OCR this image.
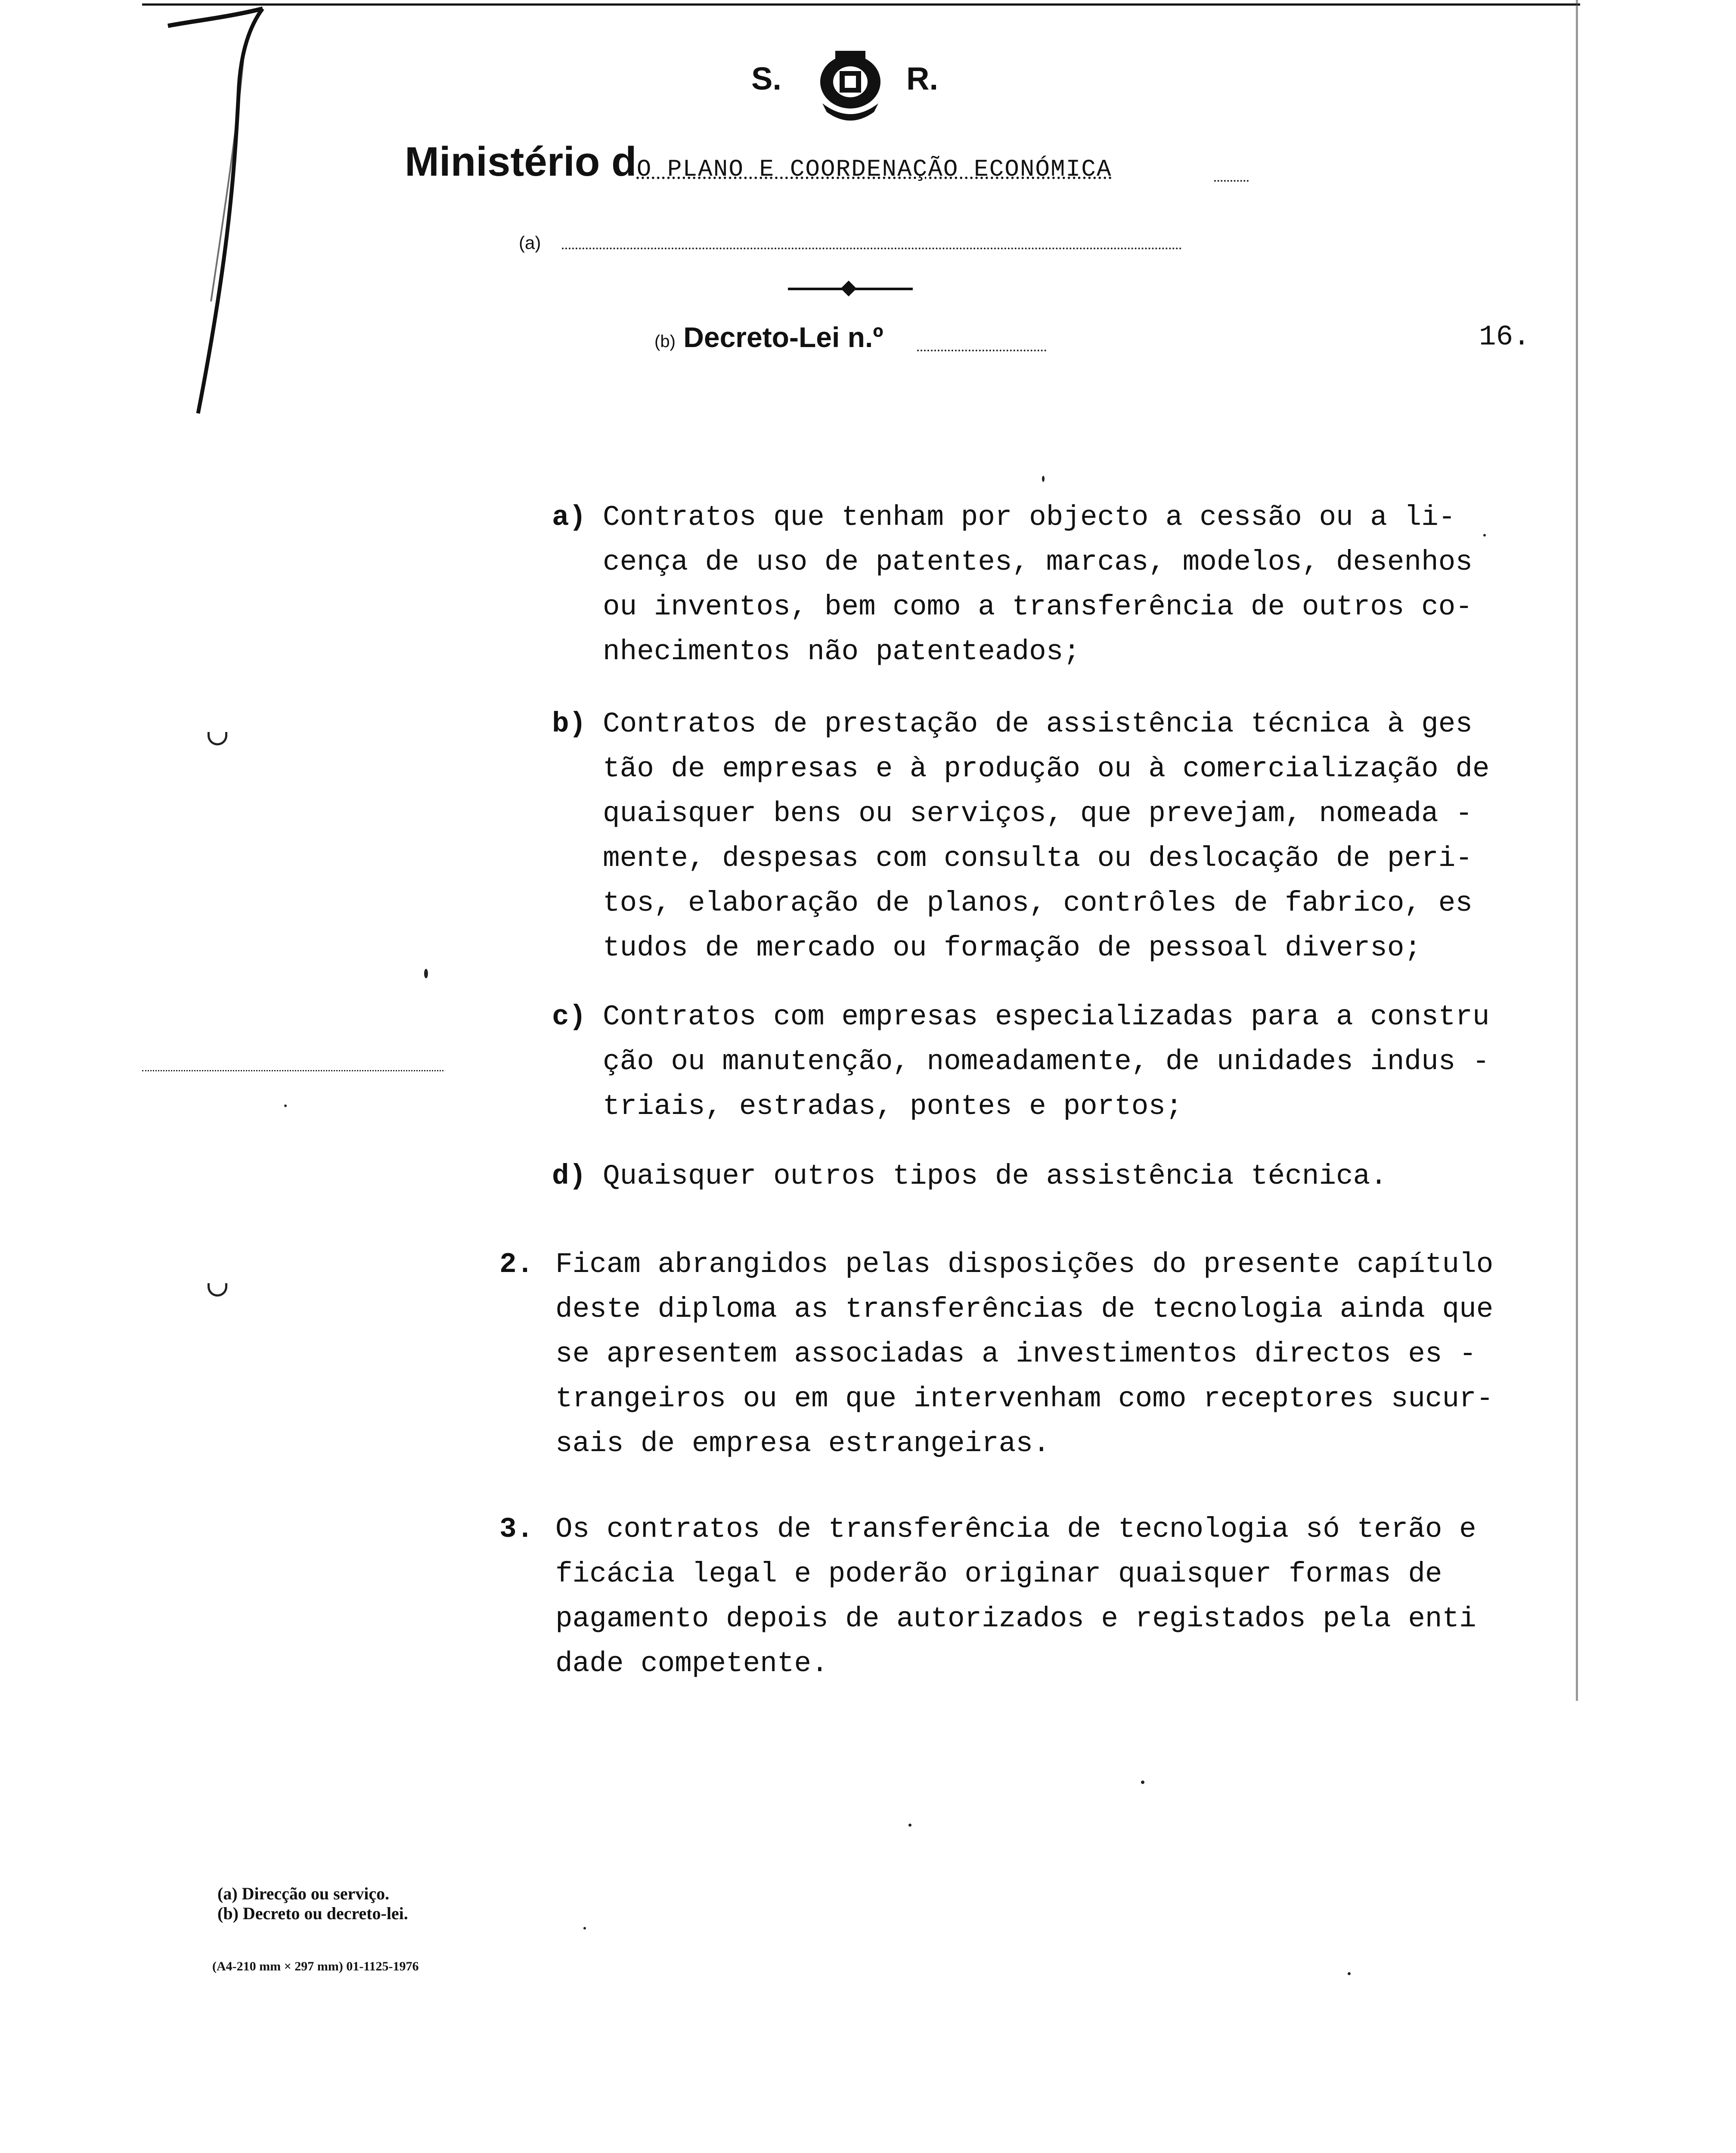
S.	R.
Ministério dO PLANO E COORDENAÇÃO ECONÓMICA
(a)
(b) Decreto-Lei n.º	16.
a) Contratos que tenham por objecto a cessão ou a li-
cença de uso de patentes, marcas, modelos, desenhos
ou inventos, bem como a transferência de outros co-
nhecimentos não patenteados;
b) Contratos de prestação de assistência técnica à ges
tão de empresas e à produção ou à comercialização de
quaisquer bens ou serviços, que prevejam, nomeada -
mente, despesas com consulta ou deslocação de peri-
tos, elaboração de planos, contrôles de fabrico, es
tudos de mercado ou formação de pessoal diverso;
c) Contratos com empresas especializadas para a constru
ção ou manutenção, nomeadamente, de unidades indus -
triais, estradas, pontes e portos;
d) Quaisquer outros tipos de assistência técnica.
2. Ficam abrangidos pelas disposições do presente capítulo
deste diploma as transferências de tecnologia ainda que
se apresentem associadas a investimentos directos es -
trangeiros ou em que intervenham como receptores sucur-
sais de empresa estrangeiras.
3. Os contratos de transferência de tecnologia só terão e
ficácia legal e poderão originar quaisquer formas de
pagamento depois de autorizados e registados pela enti
dade competente.
(a) Direcção ou serviço.
(b) Decreto ou decreto-lei.
(A4-210 mm × 297 mm) 01-1125-1976
